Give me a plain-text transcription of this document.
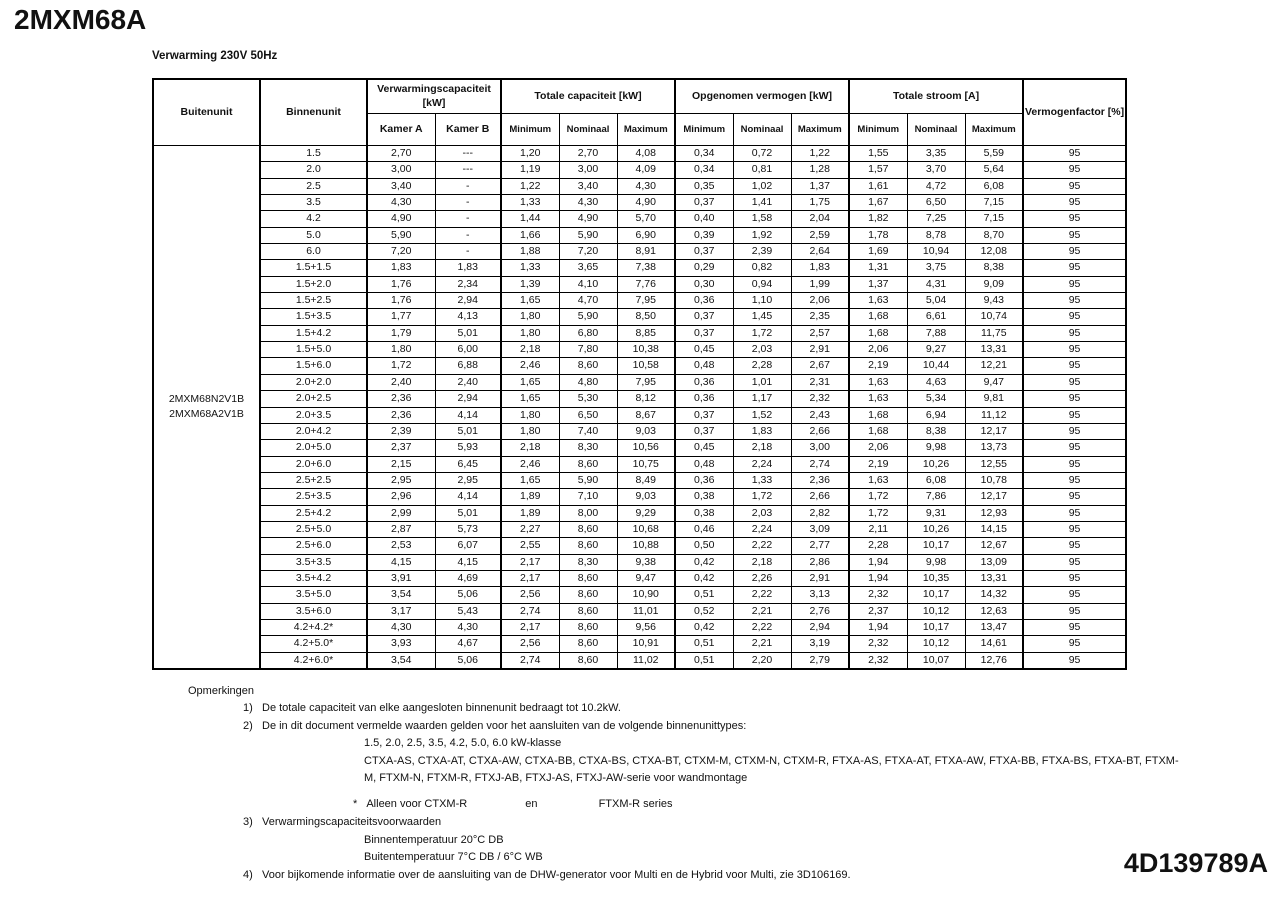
2MXM68A
Verwarming 230V 50Hz
Buitenunit	Binnenunit	Verwarmingscapaciteit [kW]		Totale capaciteit [kW]			Opgenomen vermogen [kW]			Totale stroom [A]			Vermogenfactor [%]
		Kamer A	Kamer B	Minimum	Nominaal	Maximum	Minimum	Nominaal	Maximum	Minimum	Nominaal	Maximum	

2MXM68N2V1B
2MXM68A2V1B	1.5	2,70	---	1,20	2,70	4,08	0,34	0,72	1,22	1,55	3,35	5,59	95
	2.0	3,00	---	1,19	3,00	4,09	0,34	0,81	1,28	1,57	3,70	5,64	95
	2.5	3,40	-	1,22	3,40	4,30	0,35	1,02	1,37	1,61	4,72	6,08	95
	3.5	4,30	-	1,33	4,30	4,90	0,37	1,41	1,75	1,67	6,50	7,15	95
	4.2	4,90	-	1,44	4,90	5,70	0,40	1,58	2,04	1,82	7,25	7,15	95
	5.0	5,90	-	1,66	5,90	6,90	0,39	1,92	2,59	1,78	8,78	8,70	95
	6.0	7,20	-	1,88	7,20	8,91	0,37	2,39	2,64	1,69	10,94	12,08	95
	1.5+1.5	1,83	1,83	1,33	3,65	7,38	0,29	0,82	1,83	1,31	3,75	8,38	95
	1.5+2.0	1,76	2,34	1,39	4,10	7,76	0,30	0,94	1,99	1,37	4,31	9,09	95
	1.5+2.5	1,76	2,94	1,65	4,70	7,95	0,36	1,10	2,06	1,63	5,04	9,43	95
	1.5+3.5	1,77	4,13	1,80	5,90	8,50	0,37	1,45	2,35	1,68	6,61	10,74	95
	1.5+4.2	1,79	5,01	1,80	6,80	8,85	0,37	1,72	2,57	1,68	7,88	11,75	95
	1.5+5.0	1,80	6,00	2,18	7,80	10,38	0,45	2,03	2,91	2,06	9,27	13,31	95
	1.5+6.0	1,72	6,88	2,46	8,60	10,58	0,48	2,28	2,67	2,19	10,44	12,21	95
	2.0+2.0	2,40	2,40	1,65	4,80	7,95	0,36	1,01	2,31	1,63	4,63	9,47	95
	2.0+2.5	2,36	2,94	1,65	5,30	8,12	0,36	1,17	2,32	1,63	5,34	9,81	95
	2.0+3.5	2,36	4,14	1,80	6,50	8,67	0,37	1,52	2,43	1,68	6,94	11,12	95
	2.0+4.2	2,39	5,01	1,80	7,40	9,03	0,37	1,83	2,66	1,68	8,38	12,17	95
	2.0+5.0	2,37	5,93	2,18	8,30	10,56	0,45	2,18	3,00	2,06	9,98	13,73	95
	2.0+6.0	2,15	6,45	2,46	8,60	10,75	0,48	2,24	2,74	2,19	10,26	12,55	95
	2.5+2.5	2,95	2,95	1,65	5,90	8,49	0,36	1,33	2,36	1,63	6,08	10,78	95
	2.5+3.5	2,96	4,14	1,89	7,10	9,03	0,38	1,72	2,66	1,72	7,86	12,17	95
	2.5+4.2	2,99	5,01	1,89	8,00	9,29	0,38	2,03	2,82	1,72	9,31	12,93	95
	2.5+5.0	2,87	5,73	2,27	8,60	10,68	0,46	2,24	3,09	2,11	10,26	14,15	95
	2.5+6.0	2,53	6,07	2,55	8,60	10,88	0,50	2,22	2,77	2,28	10,17	12,67	95
	3.5+3.5	4,15	4,15	2,17	8,30	9,38	0,42	2,18	2,86	1,94	9,98	13,09	95
	3.5+4.2	3,91	4,69	2,17	8,60	9,47	0,42	2,26	2,91	1,94	10,35	13,31	95
	3.5+5.0	3,54	5,06	2,56	8,60	10,90	0,51	2,22	3,13	2,32	10,17	14,32	95
	3.5+6.0	3,17	5,43	2,74	8,60	11,01	0,52	2,21	2,76	2,37	10,12	12,63	95
	4.2+4.2*	4,30	4,30	2,17	8,60	9,56	0,42	2,22	2,94	1,94	10,17	13,47	95
	4.2+5.0*	3,93	4,67	2,56	8,60	10,91	0,51	2,21	3,19	2,32	10,12	14,61	95
	4.2+6.0*	3,54	5,06	2,74	8,60	11,02	0,51	2,20	2,79	2,32	10,07	12,76	95
Opmerkingen
1) De totale capaciteit van elke aangesloten binnenunit bedraagt tot 10.2kW.
2) De in dit document vermelde waarden gelden voor het aansluiten van de volgende binnenunittypes:
1.5, 2.0, 2.5, 3.5, 4.2, 5.0, 6.0 kW-klasse
CTXA-AS, CTXA-AT, CTXA-AW, CTXA-BB, CTXA-BS, CTXA-BT, CTXM-M, CTXM-N, CTXM-R, FTXA-AS, FTXA-AT, FTXA-AW, FTXA-BB, FTXA-BS, FTXA-BT, FTXM-
M, FTXM-N, FTXM-R, FTXJ-AB, FTXJ-AS, FTXJ-AW-serie voor wandmontage
* Alleen voor CTXM-R	en	FTXM-R series
3) Verwarmingscapaciteitsvoorwaarden
Binnentemperatuur 20°C DB
Buitentemperatuur 7°C DB / 6°C WB
4) Voor bijkomende informatie over de aansluiting van de DHW-generator voor Multi en de Hybrid voor Multi, zie 3D106169.	4D139789A
